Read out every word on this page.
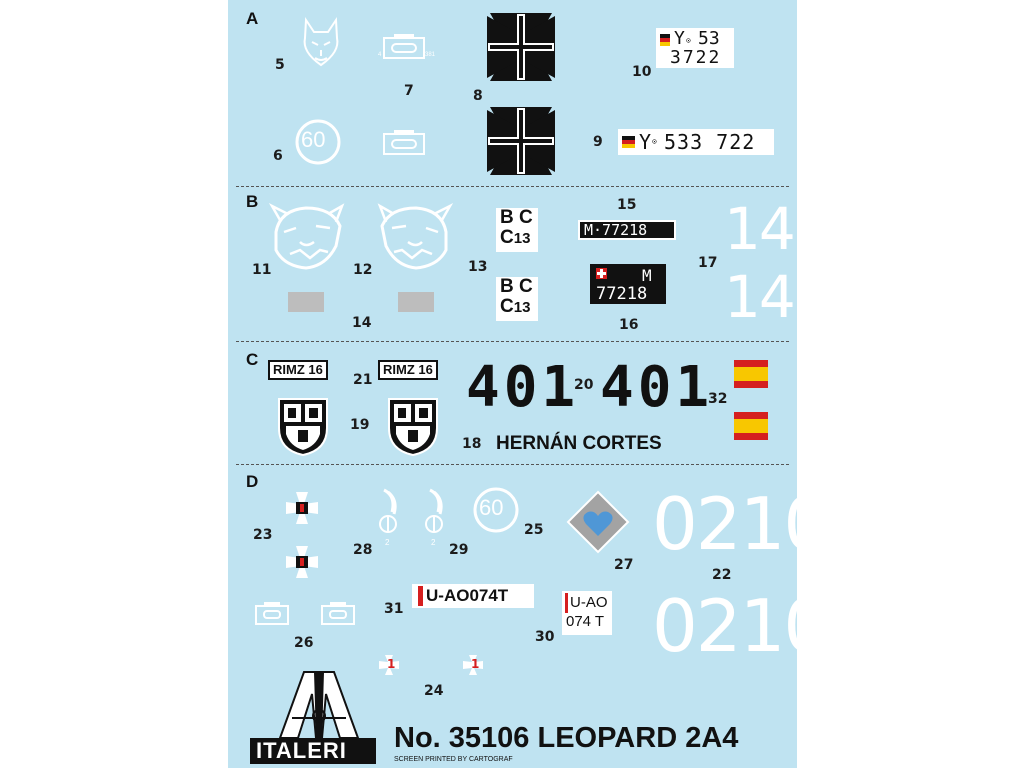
A
B
C
D
5
4	381
7	8
Y ⊙ 53
3722
10
60
6
Y ⊙ 533 722
9
11	12
14
B C
C13
13
B C
C13
15
M·77218
M
77218
16
14
14
17
RIMZ 16	RIMZ 16
21
19
401
20 401
18 HERNÁN CORTES
32
23	2
28	2 29
60
25
27 0210
22
0210
26
U-AO074T
31	U-AO
074 T
30
1	1
24
ITALERI No. 35106 LEOPARD 2A4
SCREEN PRINTED BY CARTOGRAF
